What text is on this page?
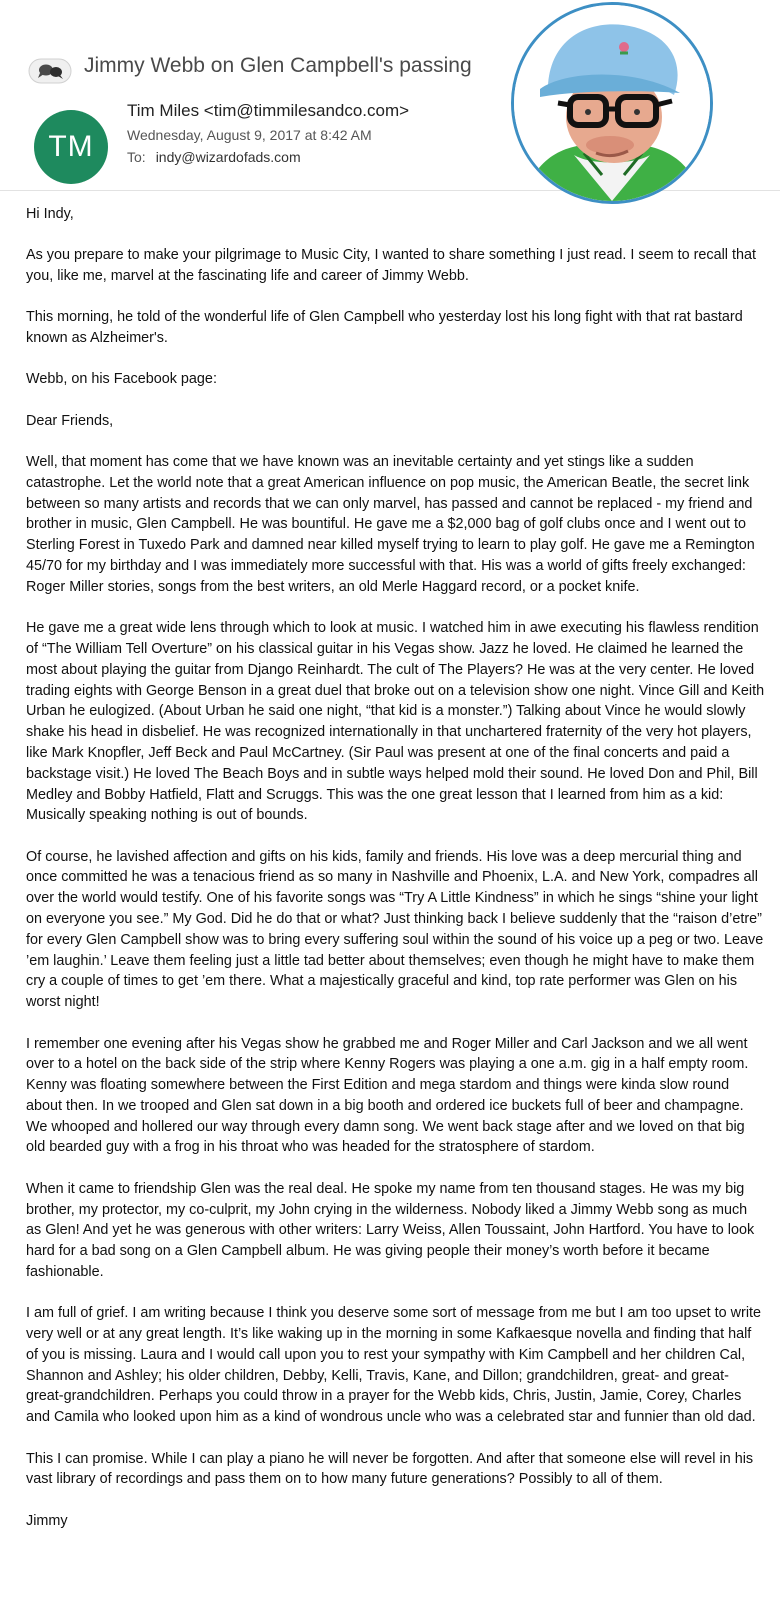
Jimmy Webb on Glen Campbell's passing
TM
Tim Miles <tim@timmilesandco.com>
Wednesday, August 9, 2017 at 8:42 AM
To: indy@wizardofads.com

Hi Indy,

As you prepare to make your pilgrimage to Music City, I wanted to share something I just read. I seem to recall that you, like me, marvel at the fascinating life and career of Jimmy Webb.

This morning, he told of the wonderful life of Glen Campbell who yesterday lost his long fight with that rat bastard known as Alzheimer's.

Webb, on his Facebook page:

Dear Friends,

Well, that moment has come that we have known was an inevitable certainty and yet stings like a sudden catastrophe. Let the world note that a great American influence on pop music, the American Beatle, the secret link between so many artists and records that we can only marvel, has passed and cannot be replaced - my friend and brother in music, Glen Campbell. He was bountiful. He gave me a $2,000 bag of golf clubs once and I went out to Sterling Forest in Tuxedo Park and damned near killed myself trying to learn to play golf. He gave me a Remington 45/70 for my birthday and I was immediately more successful with that. His was a world of gifts freely exchanged: Roger Miller stories, songs from the best writers, an old Merle Haggard record, or a pocket knife.

He gave me a great wide lens through which to look at music. I watched him in awe executing his flawless rendition of “The William Tell Overture” on his classical guitar in his Vegas show. Jazz he loved. He claimed he learned the most about playing the guitar from Django Reinhardt. The cult of The Players? He was at the very center. He loved trading eights with George Benson in a great duel that broke out on a television show one night. Vince Gill and Keith Urban he eulogized. (About Urban he said one night, “that kid is a monster.”) Talking about Vince he would slowly shake his head in disbelief. He was recognized internationally in that unchartered fraternity of the very hot players, like Mark Knopfler, Jeff Beck and Paul McCartney. (Sir Paul was present at one of the final concerts and paid a backstage visit.) He loved The Beach Boys and in subtle ways helped mold their sound. He loved Don and Phil, Bill Medley and Bobby Hatfield, Flatt and Scruggs. This was the one great lesson that I learned from him as a kid: Musically speaking nothing is out of bounds.

Of course, he lavished affection and gifts on his kids, family and friends. His love was a deep mercurial thing and once committed he was a tenacious friend as so many in Nashville and Phoenix, L.A. and New York, compadres all over the world would testify. One of his favorite songs was “Try A Little Kindness” in which he sings “shine your light on everyone you see.” My God. Did he do that or what? Just thinking back I believe suddenly that the “raison d’etre” for every Glen Campbell show was to bring every suffering soul within the sound of his voice up a peg or two. Leave ’em laughin.’ Leave them feeling just a little tad better about themselves; even though he might have to make them cry a couple of times to get ’em there. What a majestically graceful and kind, top rate performer was Glen on his worst night!

I remember one evening after his Vegas show he grabbed me and Roger Miller and Carl Jackson and we all went over to a hotel on the back side of the strip where Kenny Rogers was playing a one a.m. gig in a half empty room. Kenny was floating somewhere between the First Edition and mega stardom and things were kinda slow round about then. In we trooped and Glen sat down in a big booth and ordered ice buckets full of beer and champagne. We whooped and hollered our way through every damn song. We went back stage after and we loved on that big old bearded guy with a frog in his throat who was headed for the stratosphere of stardom.

When it came to friendship Glen was the real deal. He spoke my name from ten thousand stages. He was my big brother, my protector, my co-culprit, my John crying in the wilderness. Nobody liked a Jimmy Webb song as much as Glen! And yet he was generous with other writers: Larry Weiss, Allen Toussaint, John Hartford. You have to look hard for a bad song on a Glen Campbell album. He was giving people their money’s worth before it became fashionable.

I am full of grief. I am writing because I think you deserve some sort of message from me but I am too upset to write very well or at any great length. It’s like waking up in the morning in some Kafkaesque novella and finding that half of you is missing. Laura and I would call upon you to rest your sympathy with Kim Campbell and her children Cal, Shannon and Ashley; his older children, Debby, Kelli, Travis, Kane, and Dillon; grandchildren, great- and great-great-grandchildren. Perhaps you could throw in a prayer for the Webb kids, Chris, Justin, Jamie, Corey, Charles and Camila who looked upon him as a kind of wondrous uncle who was a celebrated star and funnier than old dad.

This I can promise. While I can play a piano he will never be forgotten. And after that someone else will revel in his vast library of recordings and pass them on to how many future generations? Possibly to all of them.

Jimmy
